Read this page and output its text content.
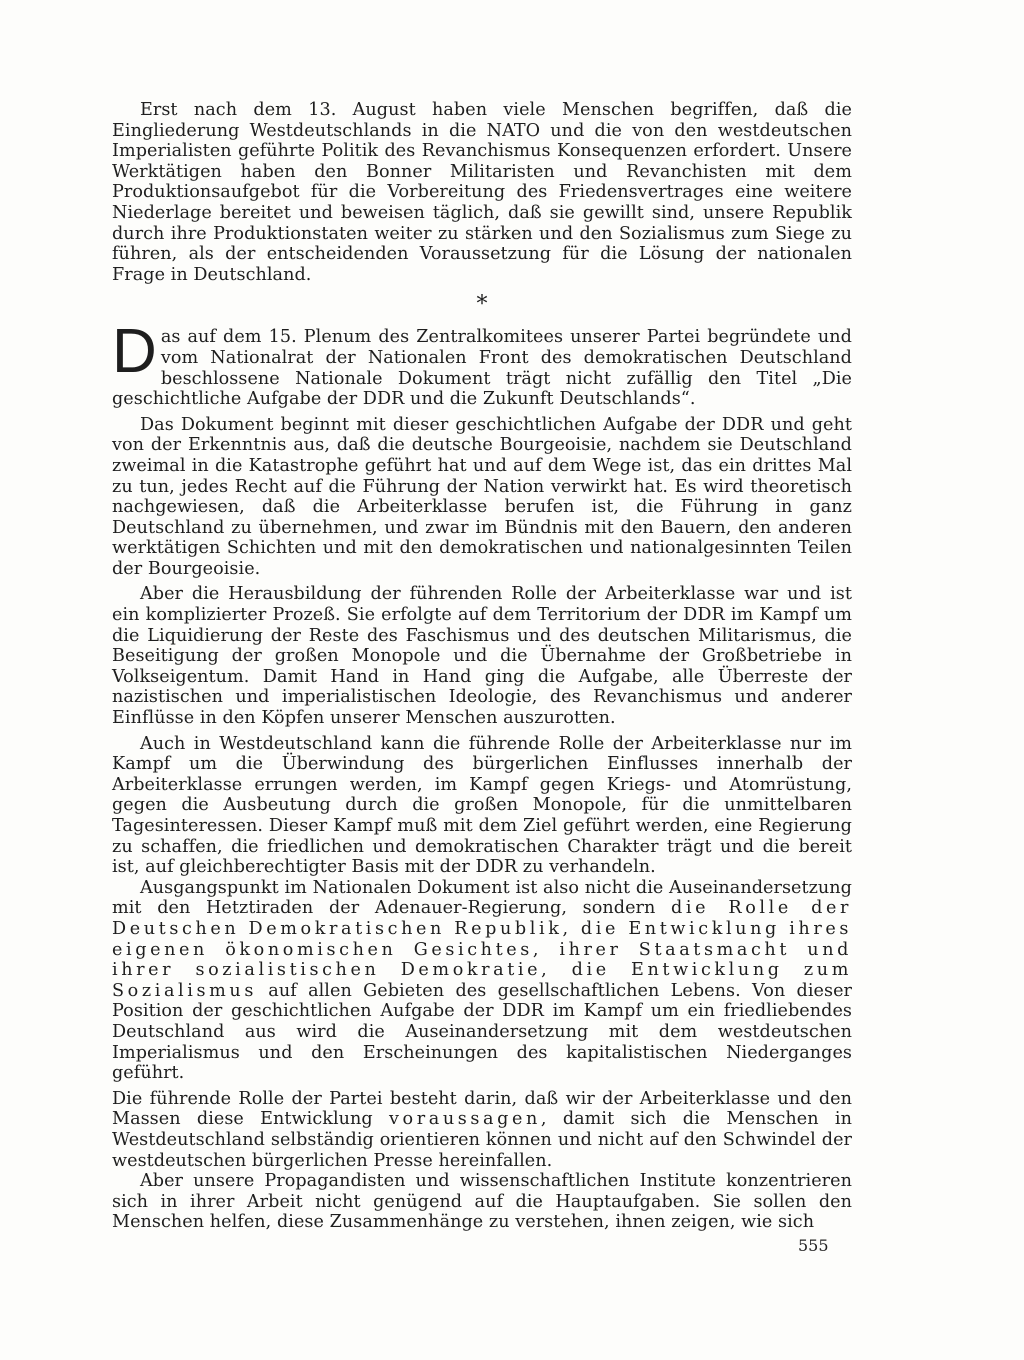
Erst nach dem 13. August haben viele Menschen begriffen, daß die Eingliederung Westdeutschlands in die NATO und die von den westdeutschen Imperialisten geführte Politik des Revanchismus Konsequenzen erfordert. Unsere Werktätigen haben den Bonner Militaristen und Revanchisten mit dem Produktionsaufgebot für die Vorbereitung des Friedensvertrages eine weitere Niederlage bereitet und beweisen täglich, daß sie gewillt sind, unsere Republik durch ihre Produktionstaten weiter zu stärken und den Sozialismus zum Siege zu führen, als der entscheidenden Voraussetzung für die Lösung der nationalen Frage in Deutschland.

*

Das auf dem 15. Plenum des Zentralkomitees unserer Partei begründete und vom Nationalrat der Nationalen Front des demokratischen Deutschland beschlossene Nationale Dokument trägt nicht zufällig den Titel „Die geschichtliche Aufgabe der DDR und die Zukunft Deutschlands“.

Das Dokument beginnt mit dieser geschichtlichen Aufgabe der DDR und geht von der Erkenntnis aus, daß die deutsche Bourgeoisie, nachdem sie Deutschland zweimal in die Katastrophe geführt hat und auf dem Wege ist, das ein drittes Mal zu tun, jedes Recht auf die Führung der Nation verwirkt hat. Es wird theoretisch nachgewiesen, daß die Arbeiterklasse berufen ist, die Führung in ganz Deutschland zu übernehmen, und zwar im Bündnis mit den Bauern, den anderen werktätigen Schichten und mit den demokratischen und nationalgesinnten Teilen der Bourgeoisie.

Aber die Herausbildung der führenden Rolle der Arbeiterklasse war und ist ein komplizierter Prozeß. Sie erfolgte auf dem Territorium der DDR im Kampf um die Liquidierung der Reste des Faschismus und des deutschen Militarismus, die Beseitigung der großen Monopole und die Übernahme der Großbetriebe in Volkseigentum. Damit Hand in Hand ging die Aufgabe, alle Überreste der nazistischen und imperialistischen Ideologie, des Revanchismus und anderer Einflüsse in den Köpfen unserer Menschen auszurotten.

Auch in Westdeutschland kann die führende Rolle der Arbeiterklasse nur im Kampf um die Überwindung des bürgerlichen Einflusses innerhalb der Arbeiterklasse errungen werden, im Kampf gegen Kriegs- und Atomrüstung, gegen die Ausbeutung durch die großen Monopole, für die unmittelbaren Tagesinteressen. Dieser Kampf muß mit dem Ziel geführt werden, eine Regierung zu schaffen, die friedlichen und demokratischen Charakter trägt und die bereit ist, auf gleichberechtigter Basis mit der DDR zu verhandeln.

Ausgangspunkt im Nationalen Dokument ist also nicht die Auseinandersetzung mit den Hetztiraden der Adenauer-Regierung, sondern die Rolle der Deutschen Demokratischen Republik, die Entwicklung ihres eigenen ökonomischen Gesichtes, ihrer Staatsmacht und ihrer sozialistischen Demokratie, die Entwicklung zum Sozialismus auf allen Gebieten des gesellschaftlichen Lebens. Von dieser Position der geschichtlichen Aufgabe der DDR im Kampf um ein friedliebendes Deutschland aus wird die Auseinandersetzung mit dem westdeutschen Imperialismus und den Erscheinungen des kapitalistischen Niederganges geführt.

Die führende Rolle der Partei besteht darin, daß wir der Arbeiterklasse und den Massen diese Entwicklung voraussagen, damit sich die Menschen in Westdeutschland selbständig orientieren können und nicht auf den Schwindel der westdeutschen bürgerlichen Presse hereinfallen.

Aber unsere Propagandisten und wissenschaftlichen Institute konzentrieren sich in ihrer Arbeit nicht genügend auf die Hauptaufgaben. Sie sollen den Menschen helfen, diese Zusammenhänge zu verstehen, ihnen zeigen, wie sich

555
